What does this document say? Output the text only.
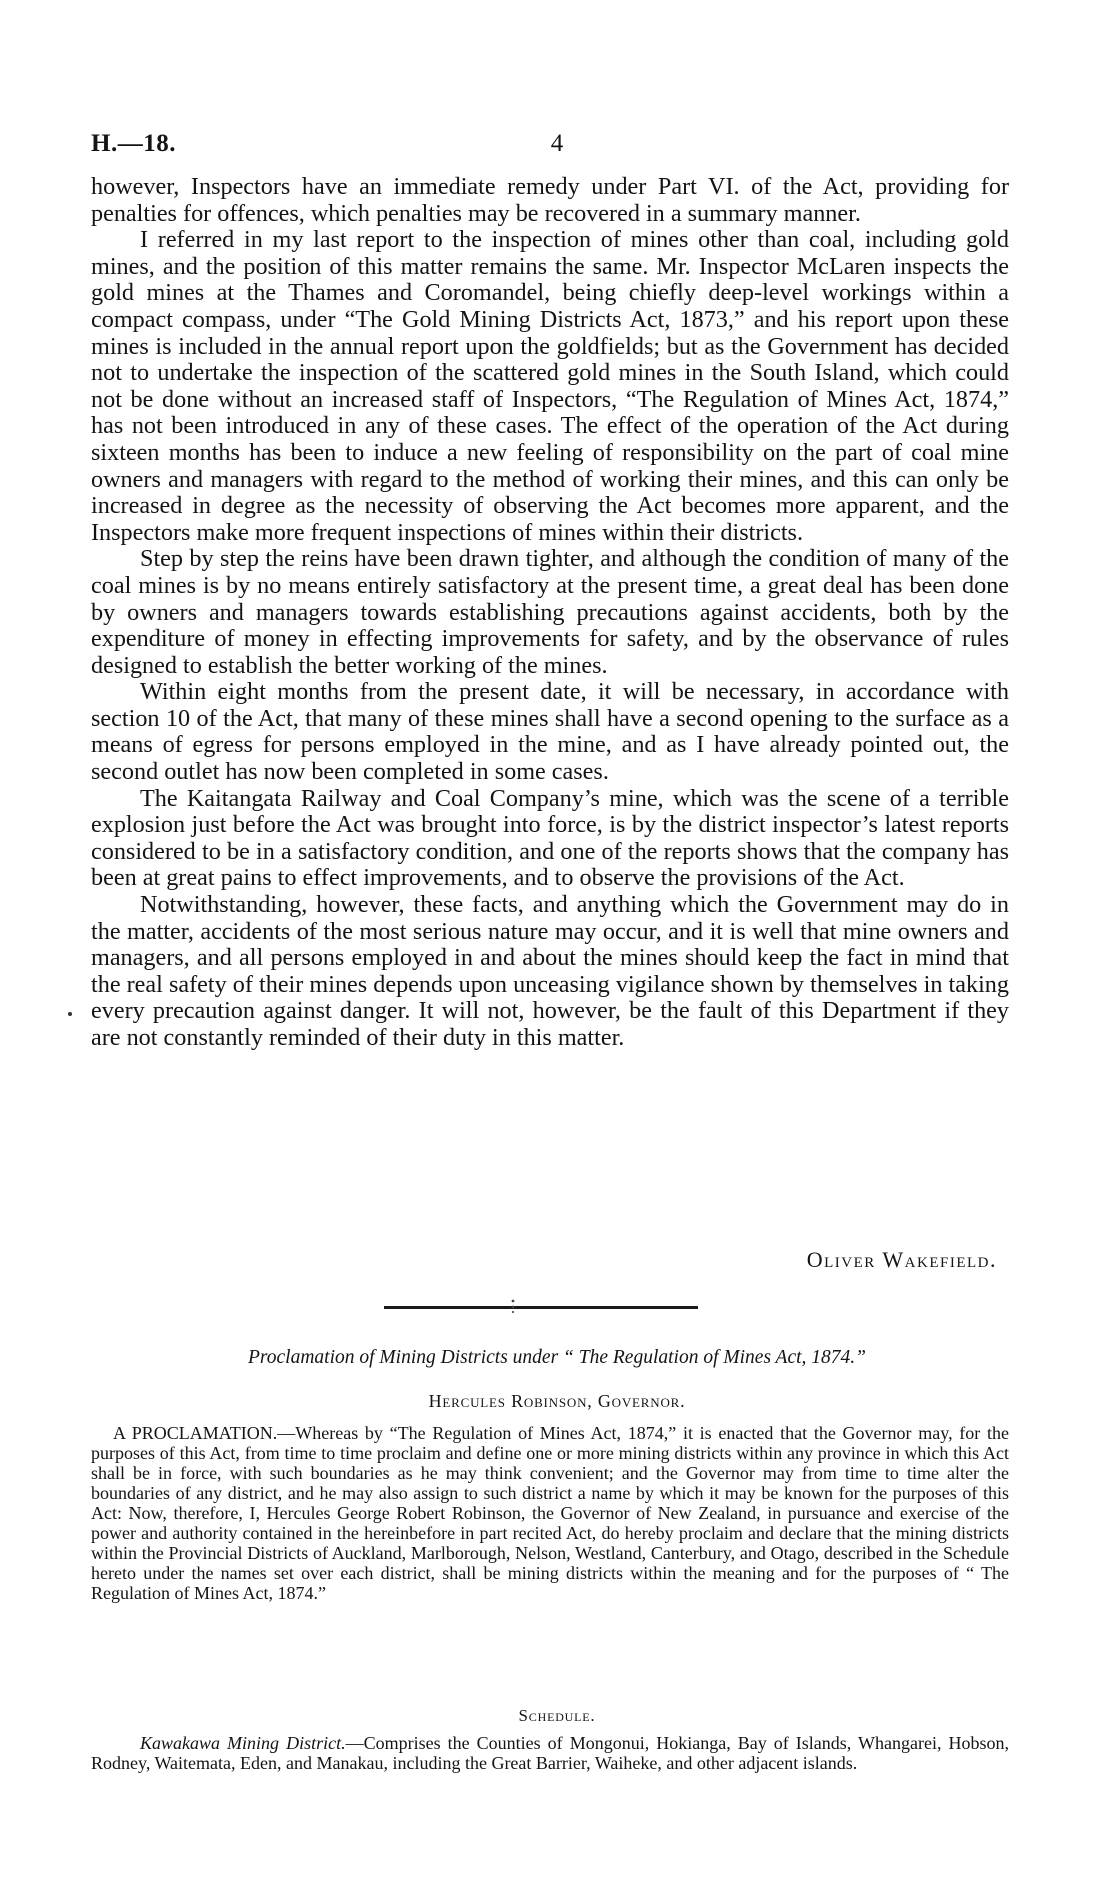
H.—18.	4

however, Inspectors have an immediate remedy under Part VI. of the Act, providing for penalties for offences, which penalties may be recovered in a summary manner.

I referred in my last report to the inspection of mines other than coal, including gold mines, and the position of this matter remains the same. Mr. Inspector McLaren inspects the gold mines at the Thames and Coromandel, being chiefly deep-level workings within a compact compass, under “The Gold Mining Districts Act, 1873,” and his report upon these mines is included in the annual report upon the goldfields; but as the Government has decided not to undertake the inspection of the scattered gold mines in the South Island, which could not be done without an increased staff of Inspectors, “The Regulation of Mines Act, 1874,” has not been introduced in any of these cases. The effect of the operation of the Act during sixteen months has been to induce a new feeling of responsibility on the part of coal mine owners and managers with regard to the method of working their mines, and this can only be increased in degree as the necessity of observing the Act becomes more apparent, and the Inspectors make more frequent inspections of mines within their districts.

Step by step the reins have been drawn tighter, and although the condition of many of the coal mines is by no means entirely satisfactory at the present time, a great deal has been done by owners and managers towards establishing precautions against accidents, both by the expenditure of money in effecting improvements for safety, and by the observance of rules designed to establish the better working of the mines.

Within eight months from the present date, it will be necessary, in accordance with section 10 of the Act, that many of these mines shall have a second opening to the surface as a means of egress for persons employed in the mine, and as I have already pointed out, the second outlet has now been completed in some cases.

The Kaitangata Railway and Coal Company’s mine, which was the scene of a terrible explosion just before the Act was brought into force, is by the district inspector’s latest reports considered to be in a satisfactory condition, and one of the reports shows that the company has been at great pains to effect improvements, and to observe the provisions of the Act.

Notwithstanding, however, these facts, and anything which the Government may do in the matter, accidents of the most serious nature may occur, and it is well that mine owners and managers, and all persons employed in and about the mines should keep the fact in mind that the real safety of their mines depends upon unceasing vigilance shown by themselves in taking every precaution against danger. It will not, however, be the fault of this Department if they are not constantly reminded of their duty in this matter.

Oliver Wakefield.
Proclamation of Mining Districts under “ The Regulation of Mines Act, 1874.”
Hercules Robinson, Governor.
A PROCLAMATION.—Whereas by “The Regulation of Mines Act, 1874,” it is enacted that the Governor may, for the purposes of this Act, from time to time proclaim and define one or more mining districts within any province in which this Act shall be in force, with such boundaries as he may think convenient; and the Governor may from time to time alter the boundaries of any district, and he may also assign to such district a name by which it may be known for the purposes of this Act: Now, therefore, I, Hercules George Robert Robinson, the Governor of New Zealand, in pursuance and exercise of the power and authority contained in the hereinbefore in part recited Act, do hereby proclaim and declare that the mining districts within the Provincial Districts of Auckland, Marlborough, Nelson, Westland, Canterbury, and Otago, described in the Schedule hereto under the names set over each district, shall be mining districts within the meaning and for the purposes of “ The Regulation of Mines Act, 1874.”
Schedule.
Kawakawa Mining District.—Comprises the Counties of Mongonui, Hokianga, Bay of Islands, Whangarei, Hobson, Rodney, Waitemata, Eden, and Manakau, including the Great Barrier, Waiheke, and other adjacent islands.
